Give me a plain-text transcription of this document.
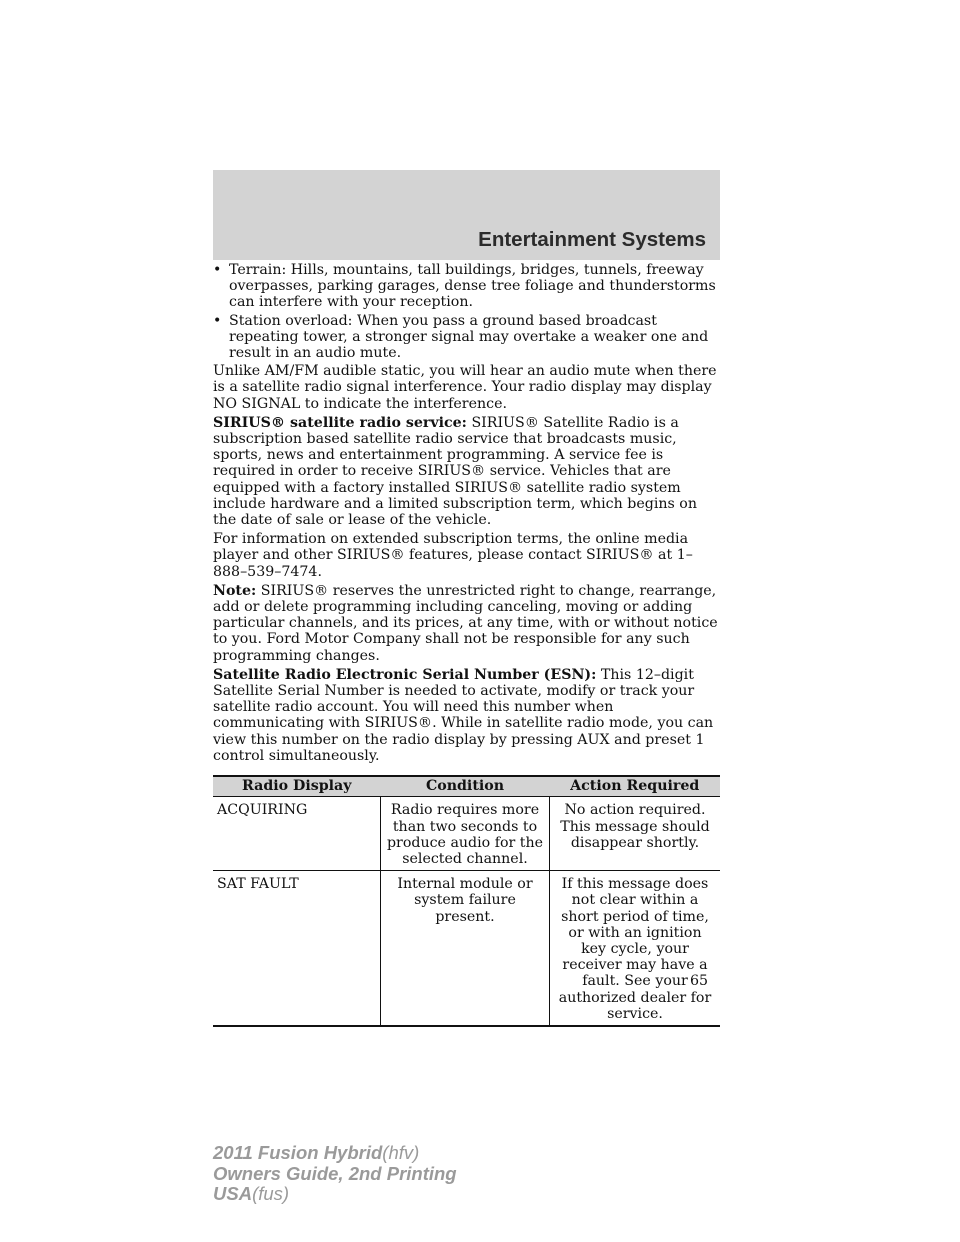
Entertainment Systems
• Terrain: Hills, mountains, tall buildings, bridges, tunnels, freeway overpasses, parking garages, dense tree foliage and thunderstorms can interfere with your reception.
• Station overload: When you pass a ground based broadcast repeating tower, a stronger signal may overtake a weaker one and result in an audio mute.

Unlike AM/FM audible static, you will hear an audio mute when there is a satellite radio signal interference. Your radio display may display NO SIGNAL to indicate the interference.

SIRIUS® satellite radio service: SIRIUS® Satellite Radio is a subscription based satellite radio service that broadcasts music, sports, news and entertainment programming. A service fee is required in order to receive SIRIUS® service. Vehicles that are equipped with a factory installed SIRIUS® satellite radio system include hardware and a limited subscription term, which begins on the date of sale or lease of the vehicle.

For information on extended subscription terms, the online media player and other SIRIUS® features, please contact SIRIUS® at 1–888–539–7474.

Note: SIRIUS® reserves the unrestricted right to change, rearrange, add or delete programming including canceling, moving or adding particular channels, and its prices, at any time, with or without notice to you. Ford Motor Company shall not be responsible for any such programming changes.

Satellite Radio Electronic Serial Number (ESN): This 12–digit Satellite Serial Number is needed to activate, modify or track your satellite radio account. You will need this number when communicating with SIRIUS®. While in satellite radio mode, you can view this number on the radio display by pressing AUX and preset 1 control simultaneously.

Radio Display	Condition	Action Required
ACQUIRING	Radio requires more than two seconds to produce audio for the selected channel.	No action required. This message should disappear shortly.
SAT FAULT	Internal module or system failure present.	If this message does not clear within a short period of time, or with an ignition key cycle, your receiver may have a fault. See your authorized dealer for service.
65
2011 Fusion Hybrid(hfv)
Owners Guide, 2nd Printing
USA(fus)
